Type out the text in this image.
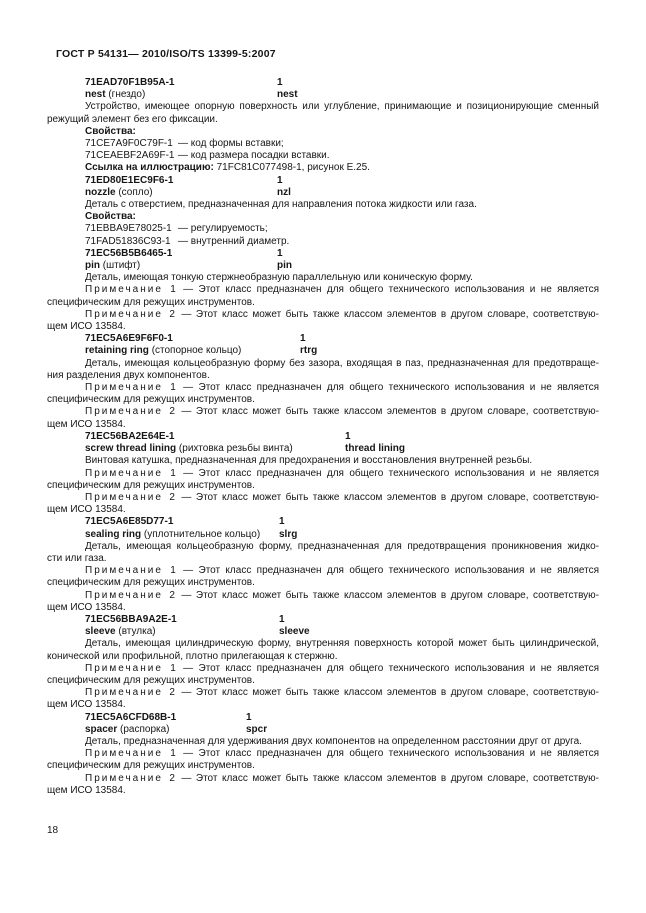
ГОСТ Р 54131— 2010/ISO/TS 13399-5:2007
71EAD70F1B95A-1	1
nest (гнездо)	nest
Устройство, имеющее опорную поверхность или углубление, принимающие и позиционирующие сменный
режущий элемент без его фиксации.
Свойства:
71CE7A9F0C79F-1 — код формы вставки;
71CEAEBF2A69F-1 — код размера посадки вставки.
Ссылка на иллюстрацию: 71FC81C077498-1, рисунок Е.25.
71ED80E1EC9F6-1	1
nozzle (сопло)	nzl
Деталь с отверстием, предназначенная для направления потока жидкости или газа.
Свойства:
71EBBA9E78025-1 — регулируемость;
71FAD51836C93-1 — внутренний диаметр.
71EC56B5B6465-1	1
pin (штифт)	pin
Деталь, имеющая тонкую стержнеобразную параллельную или коническую форму.
Примечание 1 — Этот класс предназначен для общего технического использования и не является
специфическим для режущих инструментов.
Примечание 2 — Этот класс может быть также классом элементов в другом словаре, соответствую-
щем ИСО 13584.
71EC5A6E9F6F0-1	1
retaining ring (стопорное кольцо)	rtrg
Деталь, имеющая кольцеобразную форму без зазора, входящая в паз, предназначенная для предотвраще-
ния разделения двух компонентов.
Примечание 1 — Этот класс предназначен для общего технического использования и не является
специфическим для режущих инструментов.
Примечание 2 — Этот класс может быть также классом элементов в другом словаре, соответствую-
щем ИСО 13584.
71EC56BA2E64E-1	1
screw thread lining (рихтовка резьбы винта)	thread lining
Винтовая катушка, предназначенная для предохранения и восстановления внутренней резьбы.
Примечание 1 — Этот класс предназначен для общего технического использования и не является
специфическим для режущих инструментов.
Примечание 2 — Этот класс может быть также классом элементов в другом словаре, соответствую-
щем ИСО 13584.
71EC5A6E85D77-1	1
sealing ring (уплотнительное кольцо) slrg
Деталь, имеющая кольцеобразную форму, предназначенная для предотвращения проникновения жидко-
сти или газа.
Примечание 1 — Этот класс предназначен для общего технического использования и не является
специфическим для режущих инструментов.
Примечание 2 — Этот класс может быть также классом элементов в другом словаре, соответствую-
щем ИСО 13584.
71EC56BBA9A2E-1	1
sleeve (втулка)	sleeve
Деталь, имеющая цилиндрическую форму, внутренняя поверхность которой может быть цилиндрической,
конической или профильной, плотно прилегающая к стержню.
Примечание 1 — Этот класс предназначен для общего технического использования и не является
специфическим для режущих инструментов.
Примечание 2 — Этот класс может быть также классом элементов в другом словаре, соответствую-
щем ИСО 13584.
71EC5A6CFD68B-1	1
spacer (распорка)	spcr
Деталь, предназначенная для удерживания двух компонентов на определенном расстоянии друг от друга.
Примечание 1 — Этот класс предназначен для общего технического использования и не является
специфическим для режущих инструментов.
Примечание 2 — Этот класс может быть также классом элементов в другом словаре, соответствую-
щем ИСО 13584.
18
